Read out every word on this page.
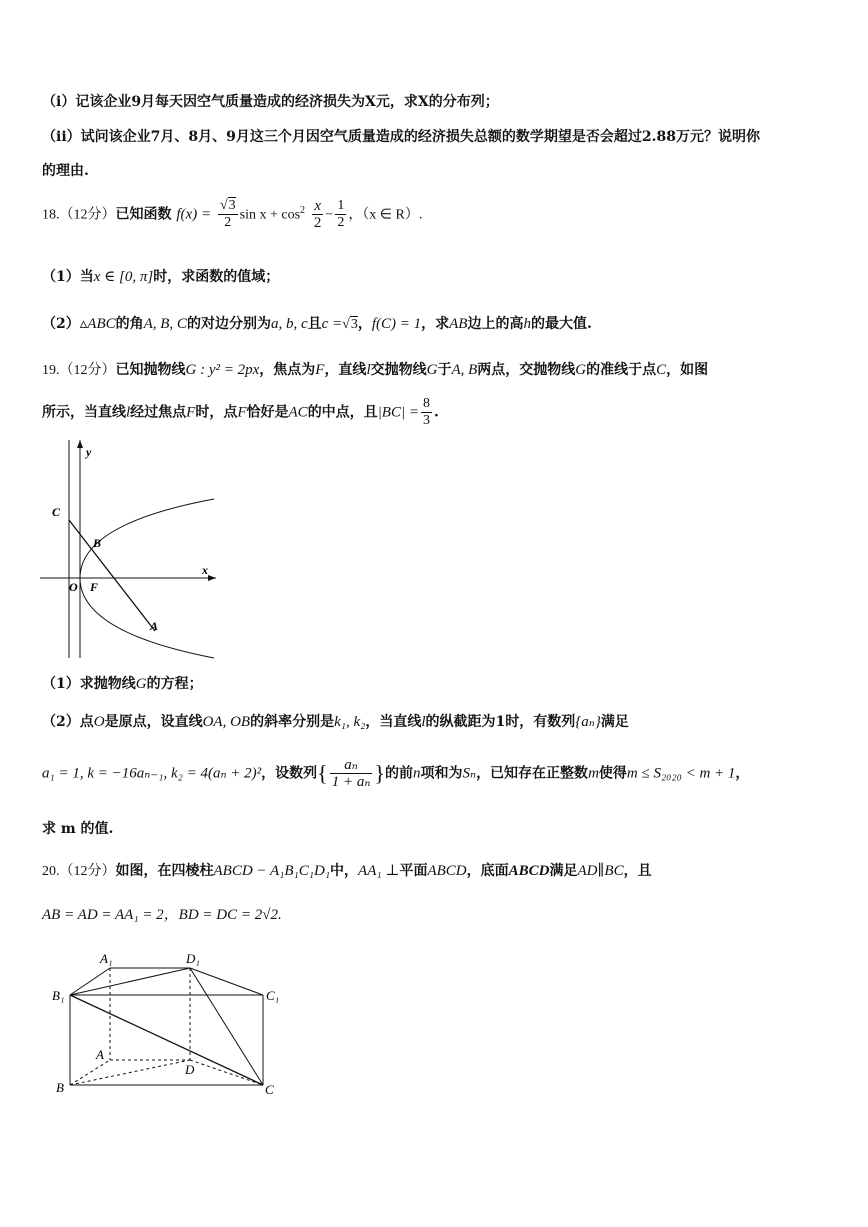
（i）记该企业9月每天因空气质量造成的经济损失为X元，求X的分布列；
（ii）试问该企业7月、8月、9月这三个月因空气质量造成的经济损失总额的数学期望是否会超过2.88万元？说明你
的理由.
18.（12分）已知函数 $f(x) = \frac{√3}{2}$ $\sin x + \cos^2 \frac{x}{2} - \frac{1}{2}$ ，（x ∈ R）.
（1）当x ∈ [0, π]时，求函数的值域；
（2）▵ABC的角A, B, C的对边分别为a, b, c且c =√3，f(C) = 1，求AB边上的高h的最大值.
19.（12分）已知抛物线G : y² = 2px，焦点为F，直线l交抛物线G于A, B两点，交抛物线G的准线于点C，如图
所示，当直线l经过焦点F时，点F恰好是AC的中点，且$|BC| = \frac{8}{3}$ .
y
x
C
B
O F
A
（1）求抛物线G的方程；
（2）点O是原点，设直线OA, OB的斜率分别是k₁, k₂，当直线l的纵截距为1时，有数列{aₙ}满足
a₁ = 1, k = −16aₙ₋₁, k₂ = 4(aₙ + 2)²，设数列{ $\frac{\text{aₙ}}{\text{1 + aₙ}}$ }的前n项和为Sₙ，已知存在正整数m使得m ≤ S₂₀₂₀ < m + 1，
求 m 的值.
20.（12分）如图，在四棱柱ABCD − A₁B₁C₁D₁中，AA₁ ⊥平面ABCD，底面ABCD满足AD∥BC，且
AB = AD = AA₁ = 2，BD = DC = 2√2.
A₁	D₁
B₁	C₁
A
D
B	C
